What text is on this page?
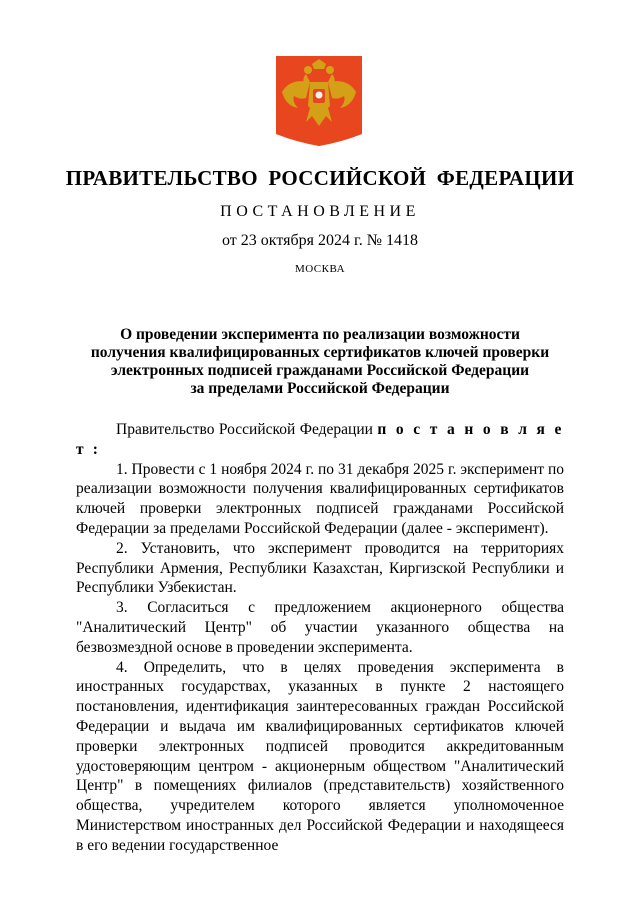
ПРАВИТЕЛЬСТВО РОССИЙСКОЙ ФЕДЕРАЦИИ
ПОСТАНОВЛЕНИЕ
от 23 октября 2024 г. № 1418
МОСКВА
О проведении эксперимента по реализации возможности
получения квалифицированных сертификатов ключей проверки
электронных подписей гражданами Российской Федерации
за пределами Российской Федерации

Правительство Российской Федерации п о с т а н о в л я е т :

1. Провести с 1 ноября 2024 г. по 31 декабря 2025 г. эксперимент по реализации возможности получения квалифицированных сертификатов ключей проверки электронных подписей гражданами Российской Федерации за пределами Российской Федерации (далее - эксперимент).

2. Установить, что эксперимент проводится на территориях Республики Армения, Республики Казахстан, Киргизской Республики и Республики Узбекистан.

3. Согласиться с предложением акционерного общества "Аналитический Центр" об участии указанного общества на безвозмездной основе в проведении эксперимента.

4. Определить, что в целях проведения эксперимента в иностранных государствах, указанных в пункте 2 настоящего постановления, идентификация заинтересованных граждан Российской Федерации и выдача им квалифицированных сертификатов ключей проверки электронных подписей проводится аккредитованным удостоверяющим центром - акционерным обществом "Аналитический Центр" в помещениях филиалов (представительств) хозяйственного общества, учредителем которого является уполномоченное Министерством иностранных дел Российской Федерации и находящееся в его ведении государственное
